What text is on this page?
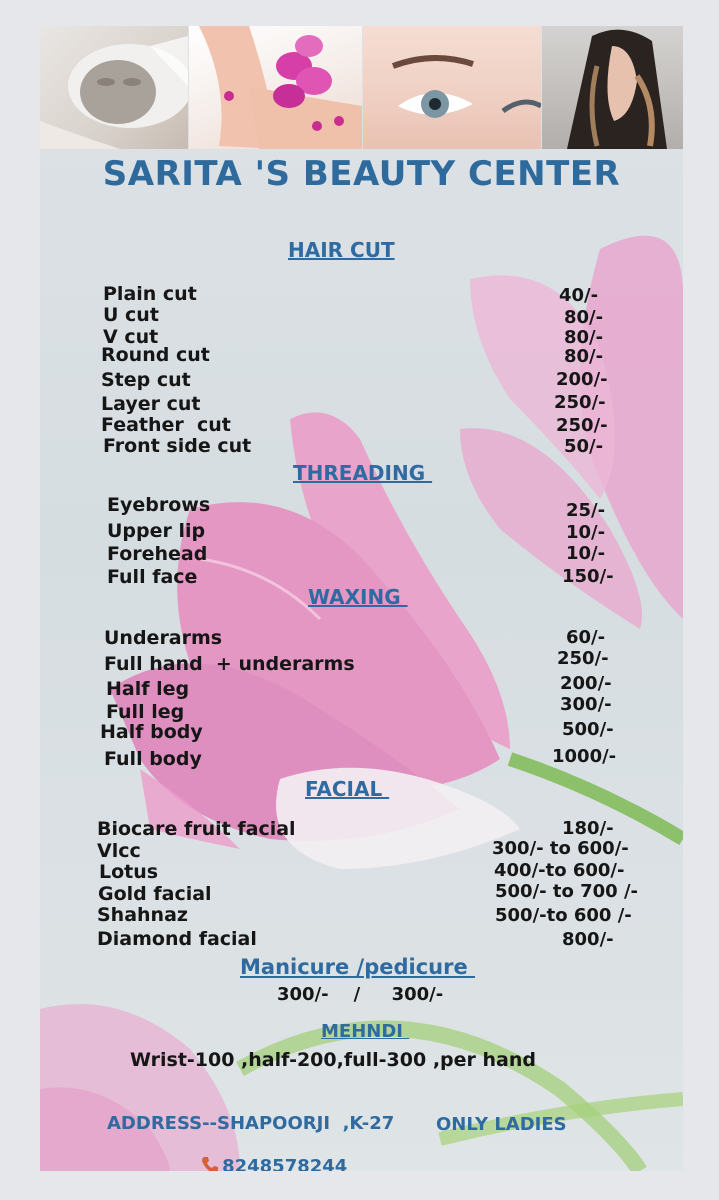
SARITA 'S BEAUTY CENTER
HAIR CUT
Plain cut	40/-
U cut	80/-
V cut	80/-
Round cut	80/-
Step cut	200/-
Layer cut	250/-
Feather  cut	250/-
Front side cut	50/-
THREADING
Eyebrows	25/-
Upper lip	10/-
Forehead	10/-
Full face	150/-
WAXING
Underarms	60/-
Full hand  + underarms	250/-
Half leg	200/-
Full leg	300/-
Half body	500/-
Full body	1000/-
FACIAL
Biocare fruit facial	180/-
Vlcc	300/- to 600/-
Lotus	400/-to 600/-
Gold facial	500/- to 700 /-
Shahnaz	500/-to 600 /-
Diamond facial	800/-
Manicure /pedicure
300/-    /     300/-
MEHNDI
Wrist-100 ,half-200,full-300 ,per hand
ADDRESS--SHAPOORJI  ,K-27 ONLY LADIES

8248578244
